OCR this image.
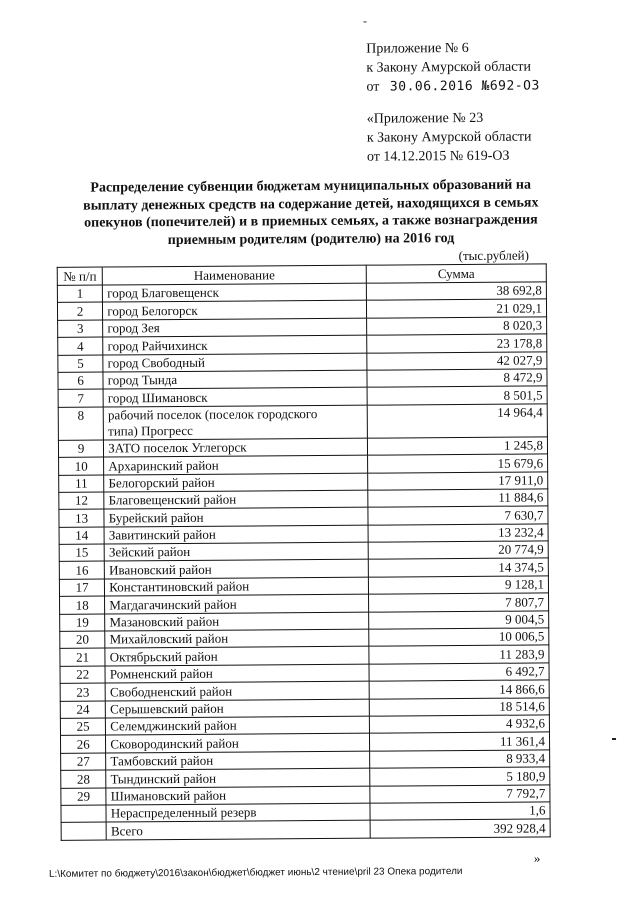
-
Приложение № 6
к Закону Амурской области
от 30.06.2016 №692-ОЗ
«Приложение № 23
к Закону Амурской области
от 14.12.2015 № 619-ОЗ
Распределение субвенции бюджетам муниципальных образований на
выплату денежных средств на содержание детей, находящихся в семьях
опекунов (попечителей) и в приемных семьях, а также вознаграждения
приемным родителям (родителю) на 2016 год
(тыс.рублей)
№ п/п	Наименование	Сумма
1	город Благовещенск	38 692,8
2	город Белогорск	21 029,1
3	город Зея	8 020,3
4	город Райчихинск	23 178,8
5	город Свободный	42 027,9
6	город Тында	8 472,9
7	город Шимановск	8 501,5
8	рабочий поселок (поселок городского
типа) Прогресс	14 964,4
9	ЗАТО поселок Углегорск	1 245,8
10	Архаринский район	15 679,6
11	Белогорский район	17 911,0
12	Благовещенский район	11 884,6
13	Бурейский район	7 630,7
14	Завитинский район	13 232,4
15	Зейский район	20 774,9
16	Ивановский район	14 374,5
17	Константиновский район	9 128,1
18	Магдагачинский район	7 807,7
19	Мазановский район	9 004,5
20	Михайловский район	10 006,5
21	Октябрьский район	11 283,9
22	Ромненский район	6 492,7
23	Свободненский район	14 866,6
24	Серышевский район	18 514,6
25	Селемджинский район	4 932,6
26	Сковородинский район	11 361,4
27	Тамбовский район	8 933,4
28	Тындинский район	5 180,9
29	Шимановский район	7 792,7
	Нераспределенный резерв	1,6
	Всего	392 928,4
»
L:\Комитет по бюджету\2016\закон\бюджет\бюджет июнь\2 чтение\pril 23 Опека родители
